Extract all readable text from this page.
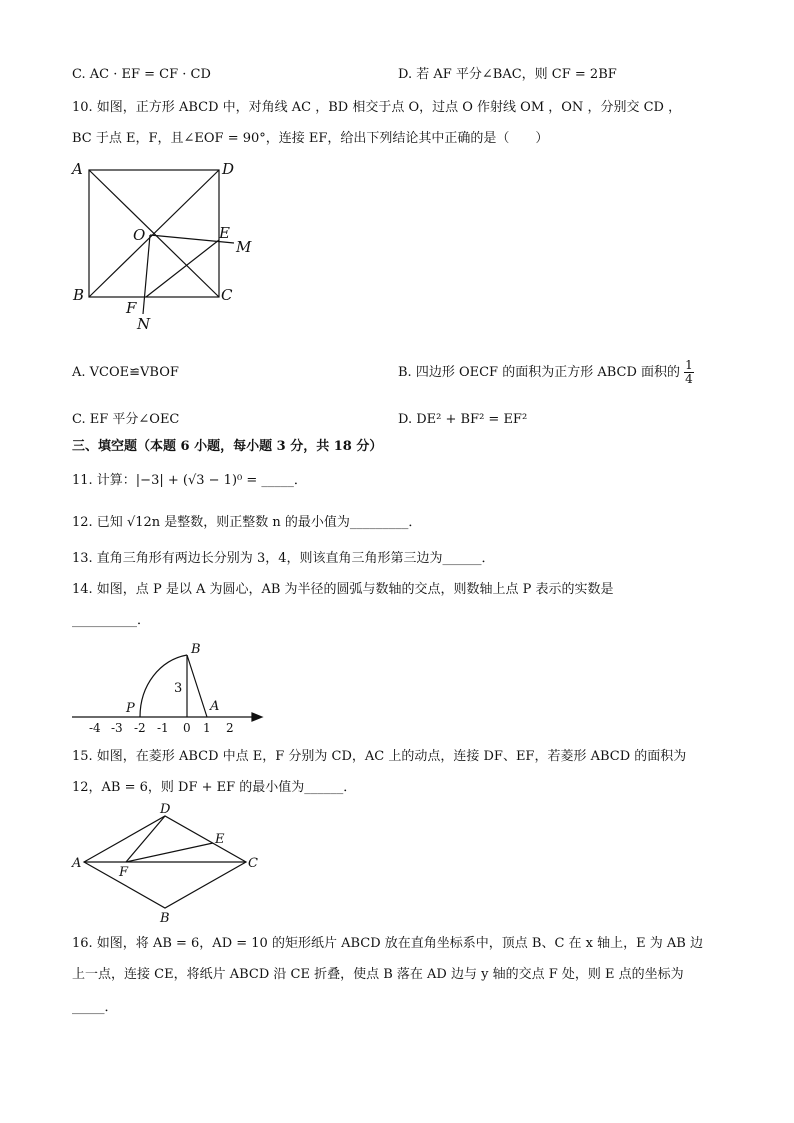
C. AC · EF = CF · CD	D. 若 AF 平分∠BAC，则 CF = 2BF
10. 如图，正方形 ABCD 中，对角线 AC ，BD 相交于点 O，过点 O 作射线 OM ，ON ，分别交 CD ，
BC 于点 E，F，且∠EOF = 90°，连接 EF，给出下列结论其中正确的是（　　）
A	D
O	E
M
B	C
F
N
A. VCOE≌VBOF	B. 四边形 OECF 的面积为正方形 ABCD 面积的 $\frac{1}{4}$
C. EF 平分∠OEC	D. DE² + BF² = EF²
三、填空题（本题 6 小题，每小题 3 分，共 18 分）
11. 计算：|−3| + (√3 − 1)⁰ = _____．
12. 已知 √12n 是整数，则正整数 n 的最小值为_________．
13. 直角三角形有两边长分别为 3，4，则该直角三角形第三边为______．
14. 如图，点 P 是以 A 为圆心，AB 为半径的圆弧与数轴的交点，则数轴上点 P 表示的实数是
__________．
B
P	A
3
-4 -3 -2 -1 0 1 2
15. 如图，在菱形 ABCD 中点 E，F 分别为 CD，AC 上的动点，连接 DF、EF，若菱形 ABCD 的面积为
12，AB = 6，则 DF + EF 的最小值为______．
D
E
A
F
C
B
16. 如图，将 AB = 6，AD = 10 的矩形纸片 ABCD 放在直角坐标系中，顶点 B、C 在 x 轴上，E 为 AB 边
上一点，连接 CE，将纸片 ABCD 沿 CE 折叠，使点 B 落在 AD 边与 y 轴的交点 F 处，则 E 点的坐标为
_____．
